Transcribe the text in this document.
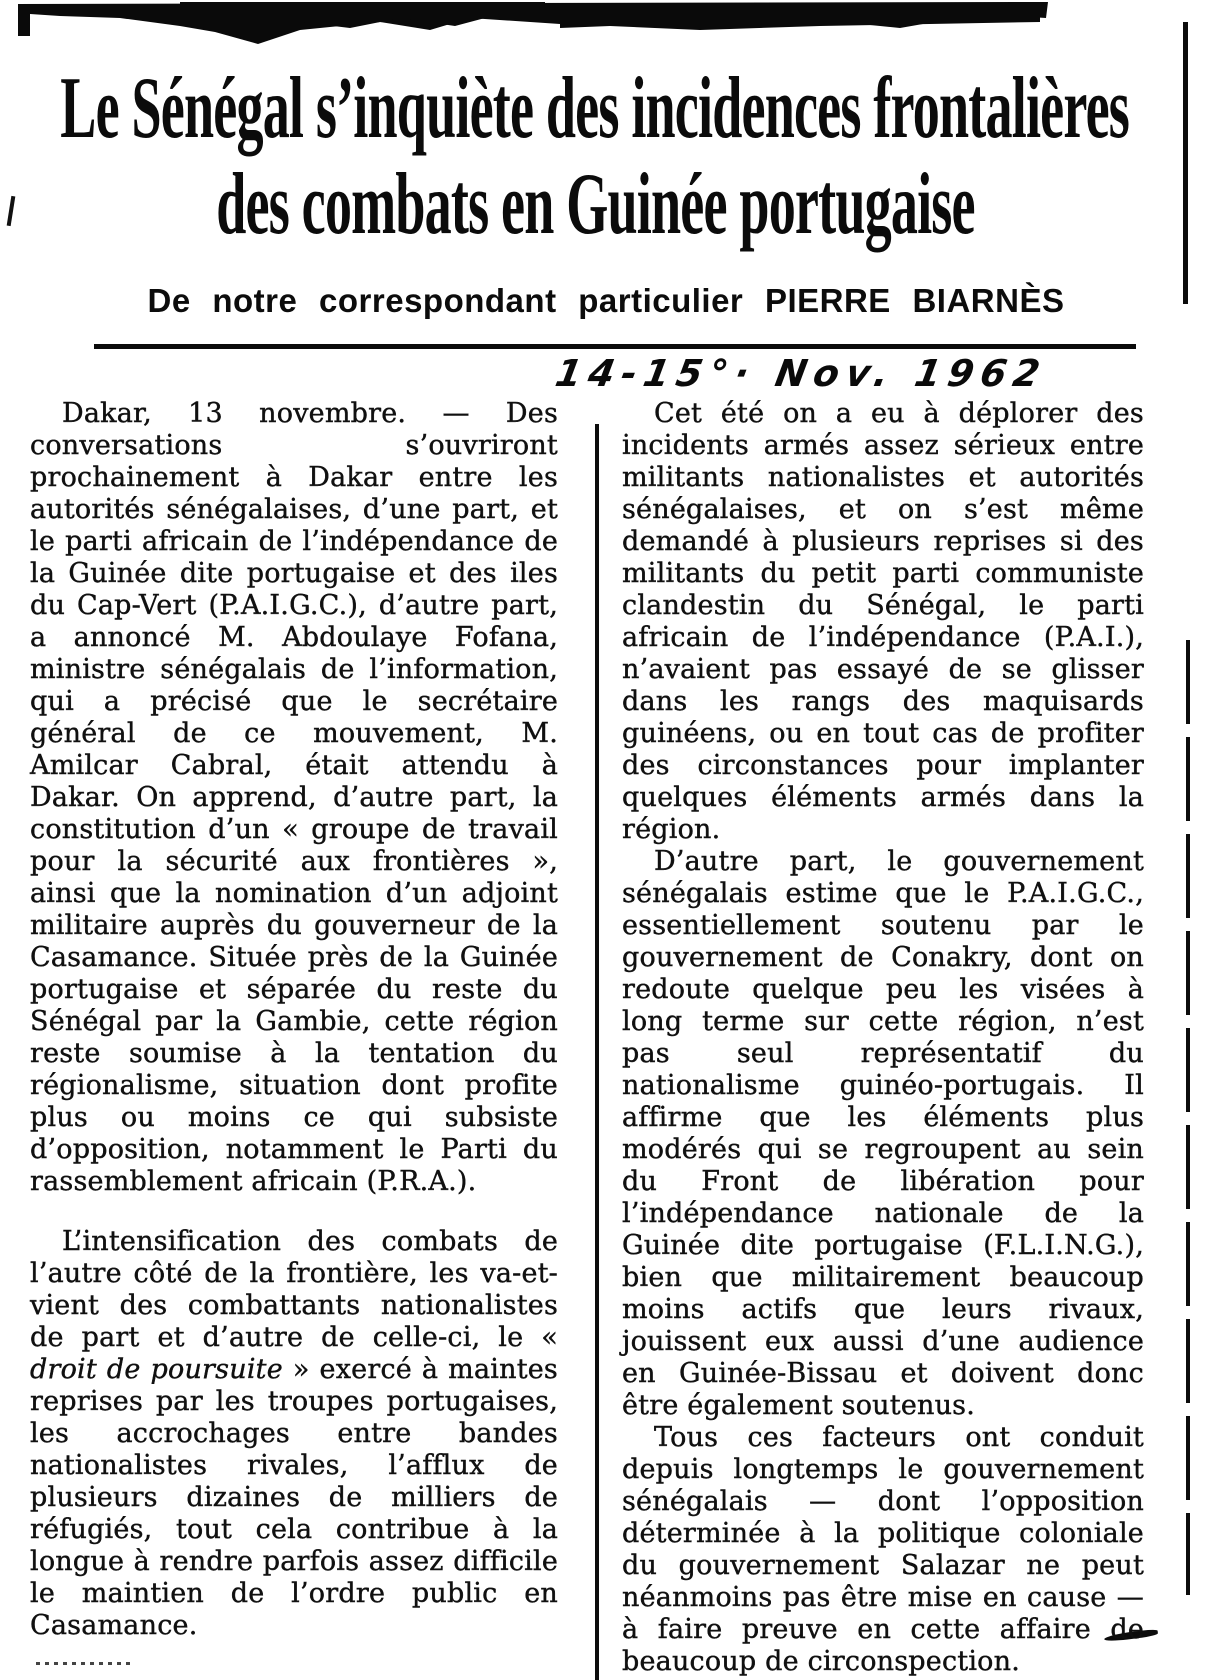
Le Sénégal s’inquiète des incidences frontalières
des combats en Guinée portugaise
De notre correspondant particulier PIERRE BIARNÈS
14-15°· Nov. 1962

Dakar, 13 novembre. — Des conversations s’ouvriront prochainement à Dakar entre les autorités sénégalaises, d’une part, et le parti africain de l’indépendance de la Guinée dite portugaise et des iles du Cap-Vert (P.A.I.G.C.), d’autre part, a annoncé M. Abdoulaye Fofana, ministre sénégalais de l’information, qui a précisé que le secrétaire général de ce mouvement, M. Amilcar Cabral, était attendu à Dakar. On apprend, d’autre part, la constitution d’un « groupe de travail pour la sécurité aux frontières », ainsi que la nomination d’un adjoint militaire auprès du gouverneur de la Casamance. Située près de la Guinée portugaise et séparée du reste du Sénégal par la Gambie, cette région reste soumise à la tentation du régionalisme, situation dont profite plus ou moins ce qui subsiste d’opposition, notamment le Parti du rassemblement africain (P.R.A.).

L’intensification des combats de l’autre côté de la frontière, les va-et-vient des combattants nationalistes de part et d’autre de celle-ci, le « droit de poursuite » exercé à maintes reprises par les troupes portugaises, les accrochages entre bandes nationalistes rivales, l’afflux de plusieurs dizaines de milliers de réfugiés, tout cela contribue à la longue à rendre parfois assez difficile le maintien de l’ordre public en Casamance.

Cet été on a eu à déplorer des incidents armés assez sérieux entre militants nationalistes et autorités sénégalaises, et on s’est même demandé à plusieurs reprises si des militants du petit parti communiste clandestin du Sénégal, le parti africain de l’indépendance (P.A.I.), n’avaient pas essayé de se glisser dans les rangs des maquisards guinéens, ou en tout cas de profiter des circonstances pour implanter quelques éléments armés dans la région.

D’autre part, le gouvernement sénégalais estime que le P.A.I.G.C., essentiellement soutenu par le gouvernement de Conakry, dont on redoute quelque peu les visées à long terme sur cette région, n’est pas seul représentatif du nationalisme guinéo-portugais. Il affirme que les éléments plus modérés qui se regroupent au sein du Front de libération pour l’indépendance nationale de la Guinée dite portugaise (F.L.I.N.G.), bien que militairement beaucoup moins actifs que leurs rivaux, jouissent eux aussi d’une audience en Guinée-Bissau et doivent donc être également soutenus.

Tous ces facteurs ont conduit depuis longtemps le gouvernement sénégalais — dont l’opposition déterminée à la politique coloniale du gouvernement Salazar ne peut néanmoins pas être mise en cause — à faire preuve en cette affaire de beaucoup de circonspection.
